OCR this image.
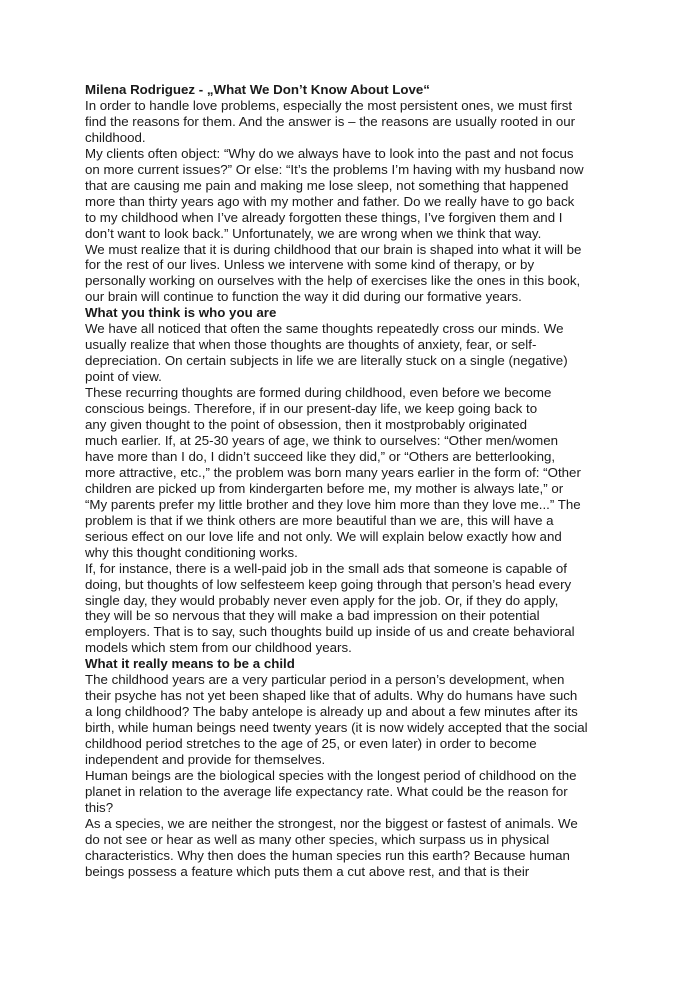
Milena Rodriguez - „What We Don’t Know About Love“
In order to handle love problems, especially the most persistent ones, we must first
find the reasons for them. And the answer is – the reasons are usually rooted in our
childhood.
My clients often object: “Why do we always have to look into the past and not focus
on more current issues?” Or else: “It’s the problems I’m having with my husband now
that are causing me pain and making me lose sleep, not something that happened
more than thirty years ago with my mother and father. Do we really have to go back
to my childhood when I’ve already forgotten these things, I’ve forgiven them and I
don’t want to look back.” Unfortunately, we are wrong when we think that way.
We must realize that it is during childhood that our brain is shaped into what it will be
for the rest of our lives. Unless we intervene with some kind of therapy, or by
personally working on ourselves with the help of exercises like the ones in this book,
our brain will continue to function the way it did during our formative years.
What you think is who you are
We have all noticed that often the same thoughts repeatedly cross our minds. We
usually realize that when those thoughts are thoughts of anxiety, fear, or self-
depreciation. On certain subjects in life we are literally stuck on a single (negative)
point of view.
These recurring thoughts are formed during childhood, even before we become
conscious beings. Therefore, if in our present-day life, we keep going back to
any given thought to the point of obsession, then it mostprobably originated
much earlier. If, at 25-30 years of age, we think to ourselves: “Other men/women
have more than I do, I didn’t succeed like they did,” or “Others are betterlooking,
more attractive, etc.,” the problem was born many years earlier in the form of: “Other
children are picked up from kindergarten before me, my mother is always late,” or
“My parents prefer my little brother and they love him more than they love me...” The
problem is that if we think others are more beautiful than we are, this will have a
serious effect on our love life and not only. We will explain below exactly how and
why this thought conditioning works.
If, for instance, there is a well-paid job in the small ads that someone is capable of
doing, but thoughts of low selfesteem keep going through that person’s head every
single day, they would probably never even apply for the job. Or, if they do apply,
they will be so nervous that they will make a bad impression on their potential
employers. That is to say, such thoughts build up inside of us and create behavioral
models which stem from our childhood years.
What it really means to be a child
The childhood years are a very particular period in a person’s development, when
their psyche has not yet been shaped like that of adults. Why do humans have such
a long childhood? The baby antelope is already up and about a few minutes after its
birth, while human beings need twenty years (it is now widely accepted that the social
childhood period stretches to the age of 25, or even later) in order to become
independent and provide for themselves.
Human beings are the biological species with the longest period of childhood on the
planet in relation to the average life expectancy rate. What could be the reason for
this?
As a species, we are neither the strongest, nor the biggest or fastest of animals. We
do not see or hear as well as many other species, which surpass us in physical
characteristics. Why then does the human species run this earth? Because human
beings possess a feature which puts them a cut above rest, and that is their
